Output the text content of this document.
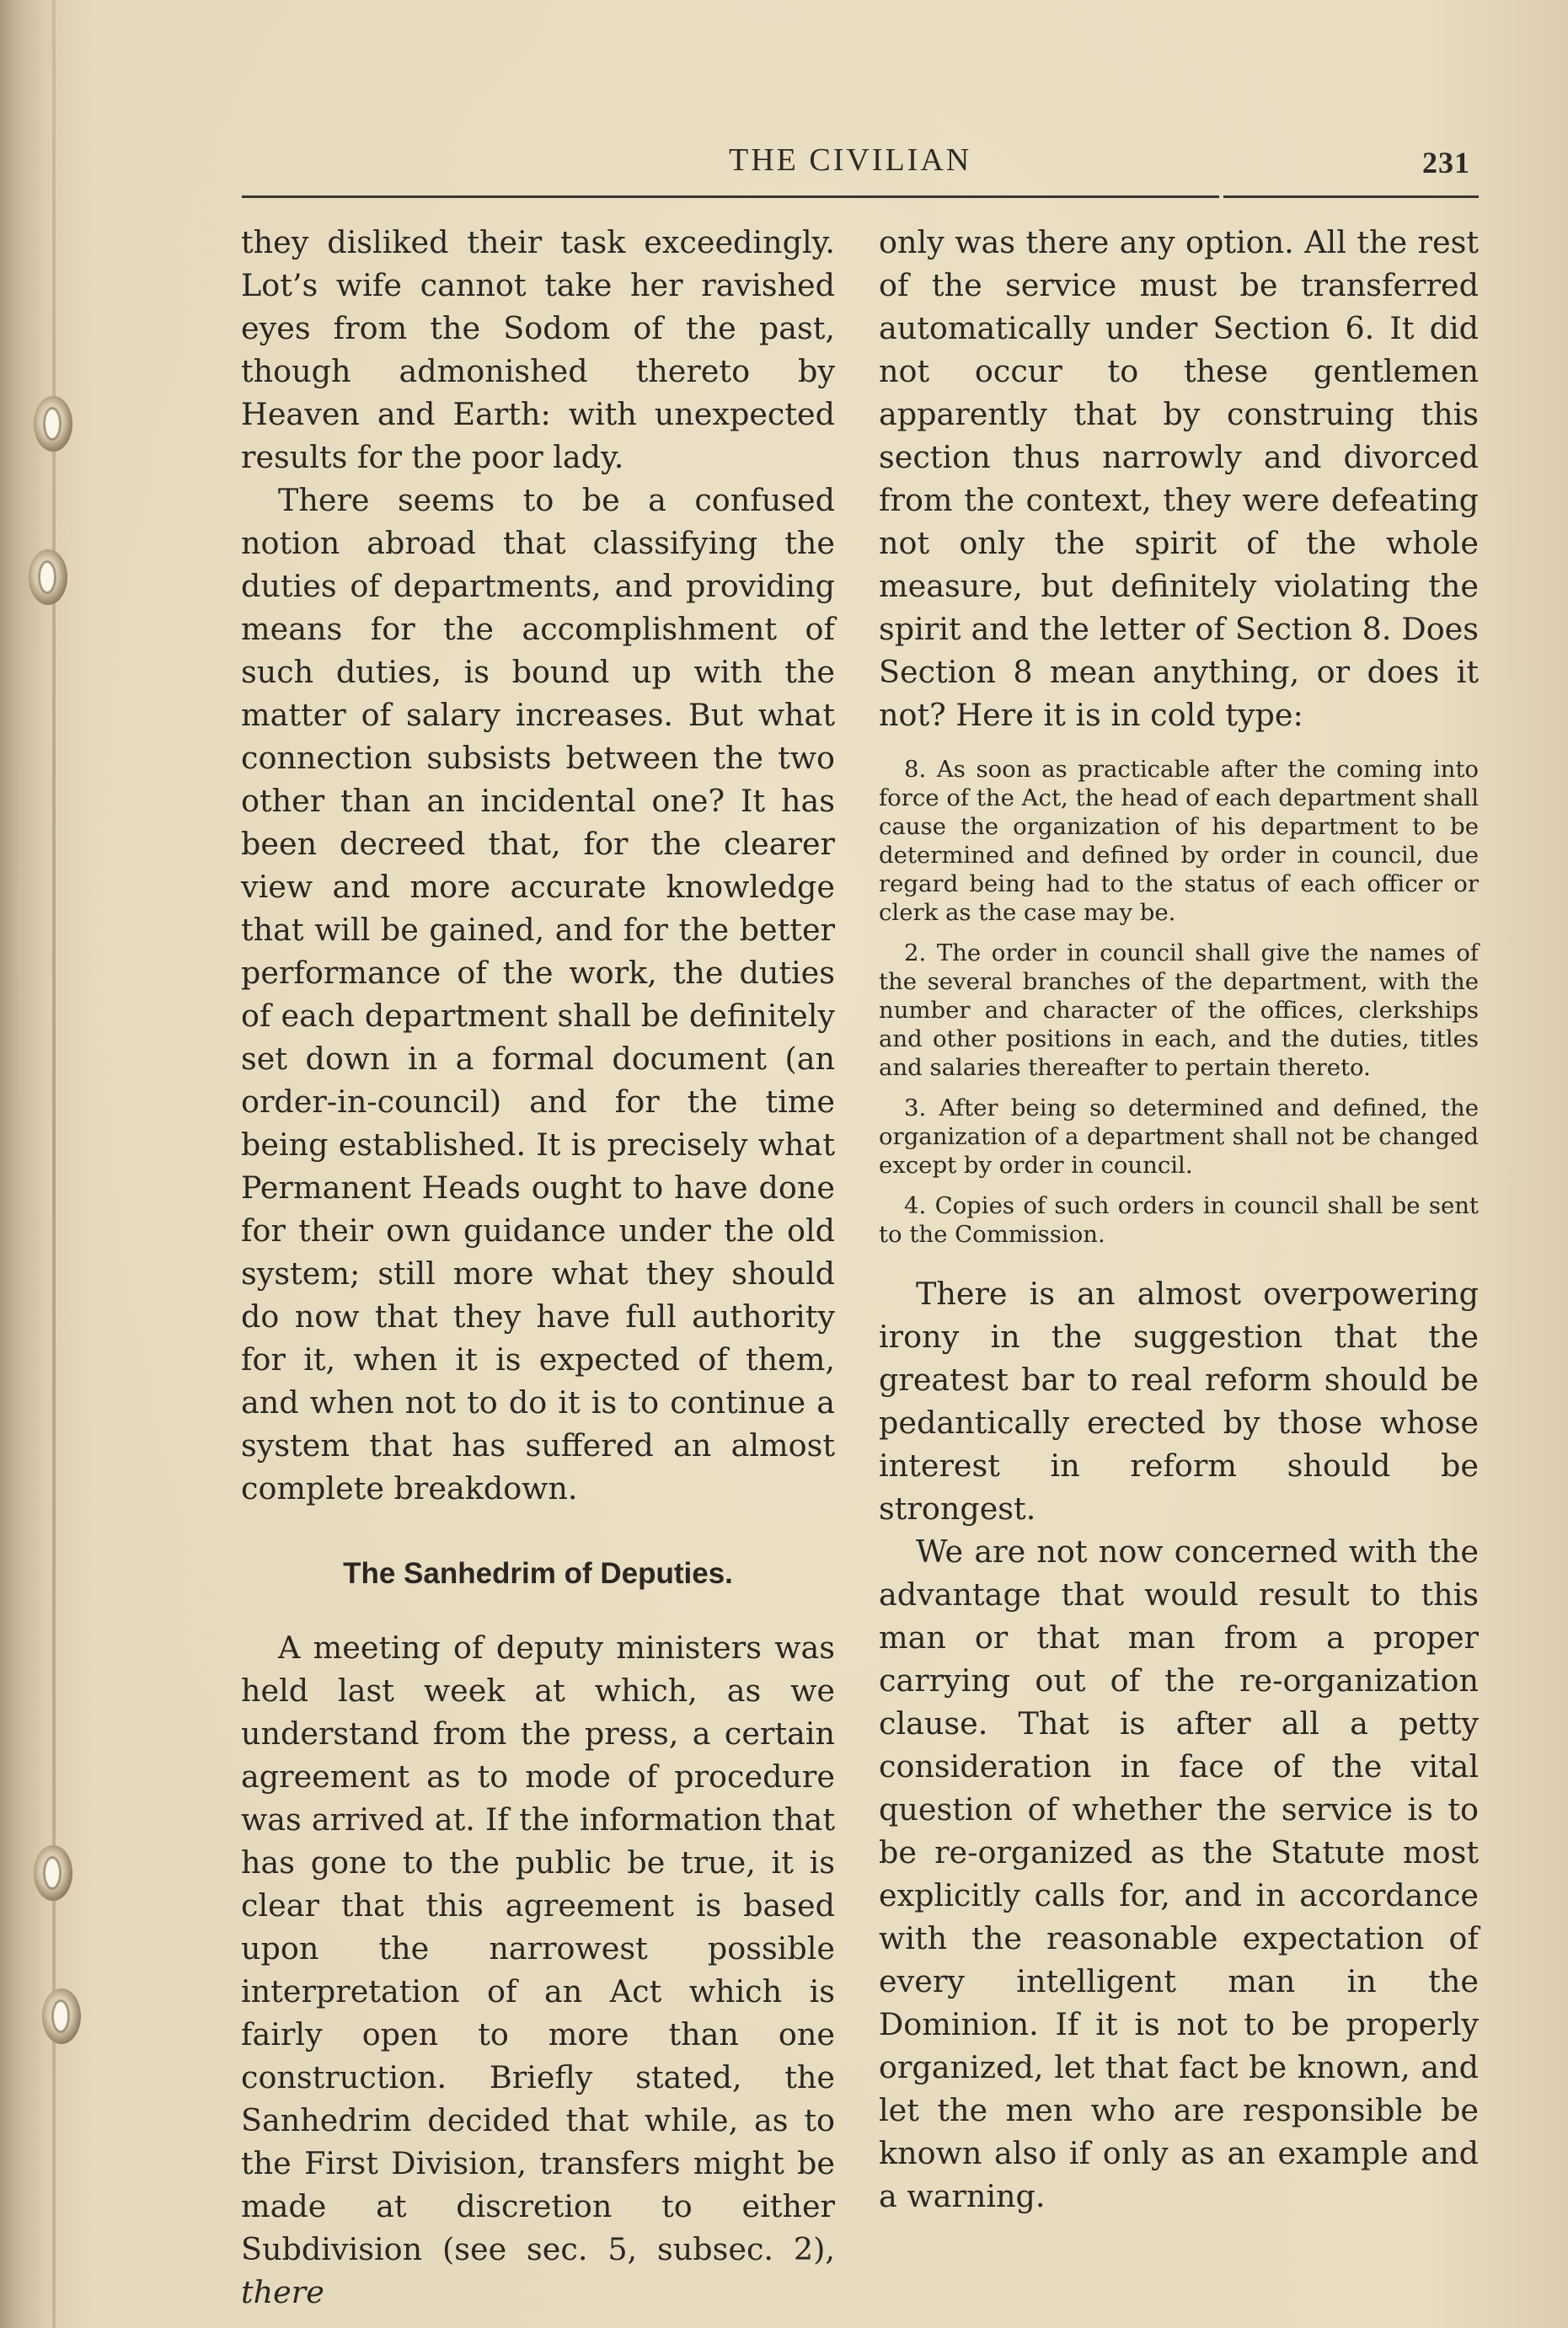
THE CIVILIAN	231

they disliked their task exceedingly. Lot’s wife cannot take her ravished eyes from the Sodom of the past, though admonished thereto by Heaven and Earth: with unexpected results for the poor lady.

There seems to be a confused notion abroad that classifying the duties of departments, and providing means for the accomplishment of such duties, is bound up with the matter of salary increases. But what connection subsists between the two other than an incidental one? It has been decreed that, for the clearer view and more accurate knowledge that will be gained, and for the better performance of the work, the duties of each department shall be definitely set down in a formal document (an order-in-council) and for the time being established. It is precisely what Permanent Heads ought to have done for their own guidance under the old system; still more what they should do now that they have full authority for it, when it is expected of them, and when not to do it is to continue a system that has suffered an almost complete breakdown.

The Sanhedrim of Deputies.

A meeting of deputy ministers was held last week at which, as we understand from the press, a certain agreement as to mode of procedure was arrived at. If the information that has gone to the public be true, it is clear that this agreement is based upon the narrowest possible interpretation of an Act which is fairly open to more than one construction. Briefly stated, the Sanhedrim decided that while, as to the First Division, transfers might be made at discretion to either Subdivision (see sec. 5, subsec. 2), there

only was there any option. All the rest of the service must be transferred automatically under Section 6. It did not occur to these gentlemen apparently that by construing this section thus narrowly and divorced from the context, they were defeating not only the spirit of the whole measure, but definitely violating the spirit and the letter of Section 8. Does Section 8 mean anything, or does it not? Here it is in cold type:

8. As soon as practicable after the coming into force of the Act, the head of each department shall cause the organization of his department to be determined and defined by order in council, due regard being had to the status of each officer or clerk as the case may be.

2. The order in council shall give the names of the several branches of the department, with the number and character of the offices, clerkships and other positions in each, and the duties, titles and salaries thereafter to pertain thereto.

3. After being so determined and defined, the organization of a department shall not be changed except by order in council.

4. Copies of such orders in council shall be sent to the Commission.

There is an almost overpowering irony in the suggestion that the greatest bar to real reform should be pedantically erected by those whose interest in reform should be strongest.

We are not now concerned with the advantage that would result to this man or that man from a proper carrying out of the re-organization clause. That is after all a petty consideration in face of the vital question of whether the service is to be re-organized as the Statute most explicitly calls for, and in accordance with the reasonable expectation of every intelligent man in the Dominion. If it is not to be properly organized, let that fact be known, and let the men who are responsible be known also if only as an example and a warning.
